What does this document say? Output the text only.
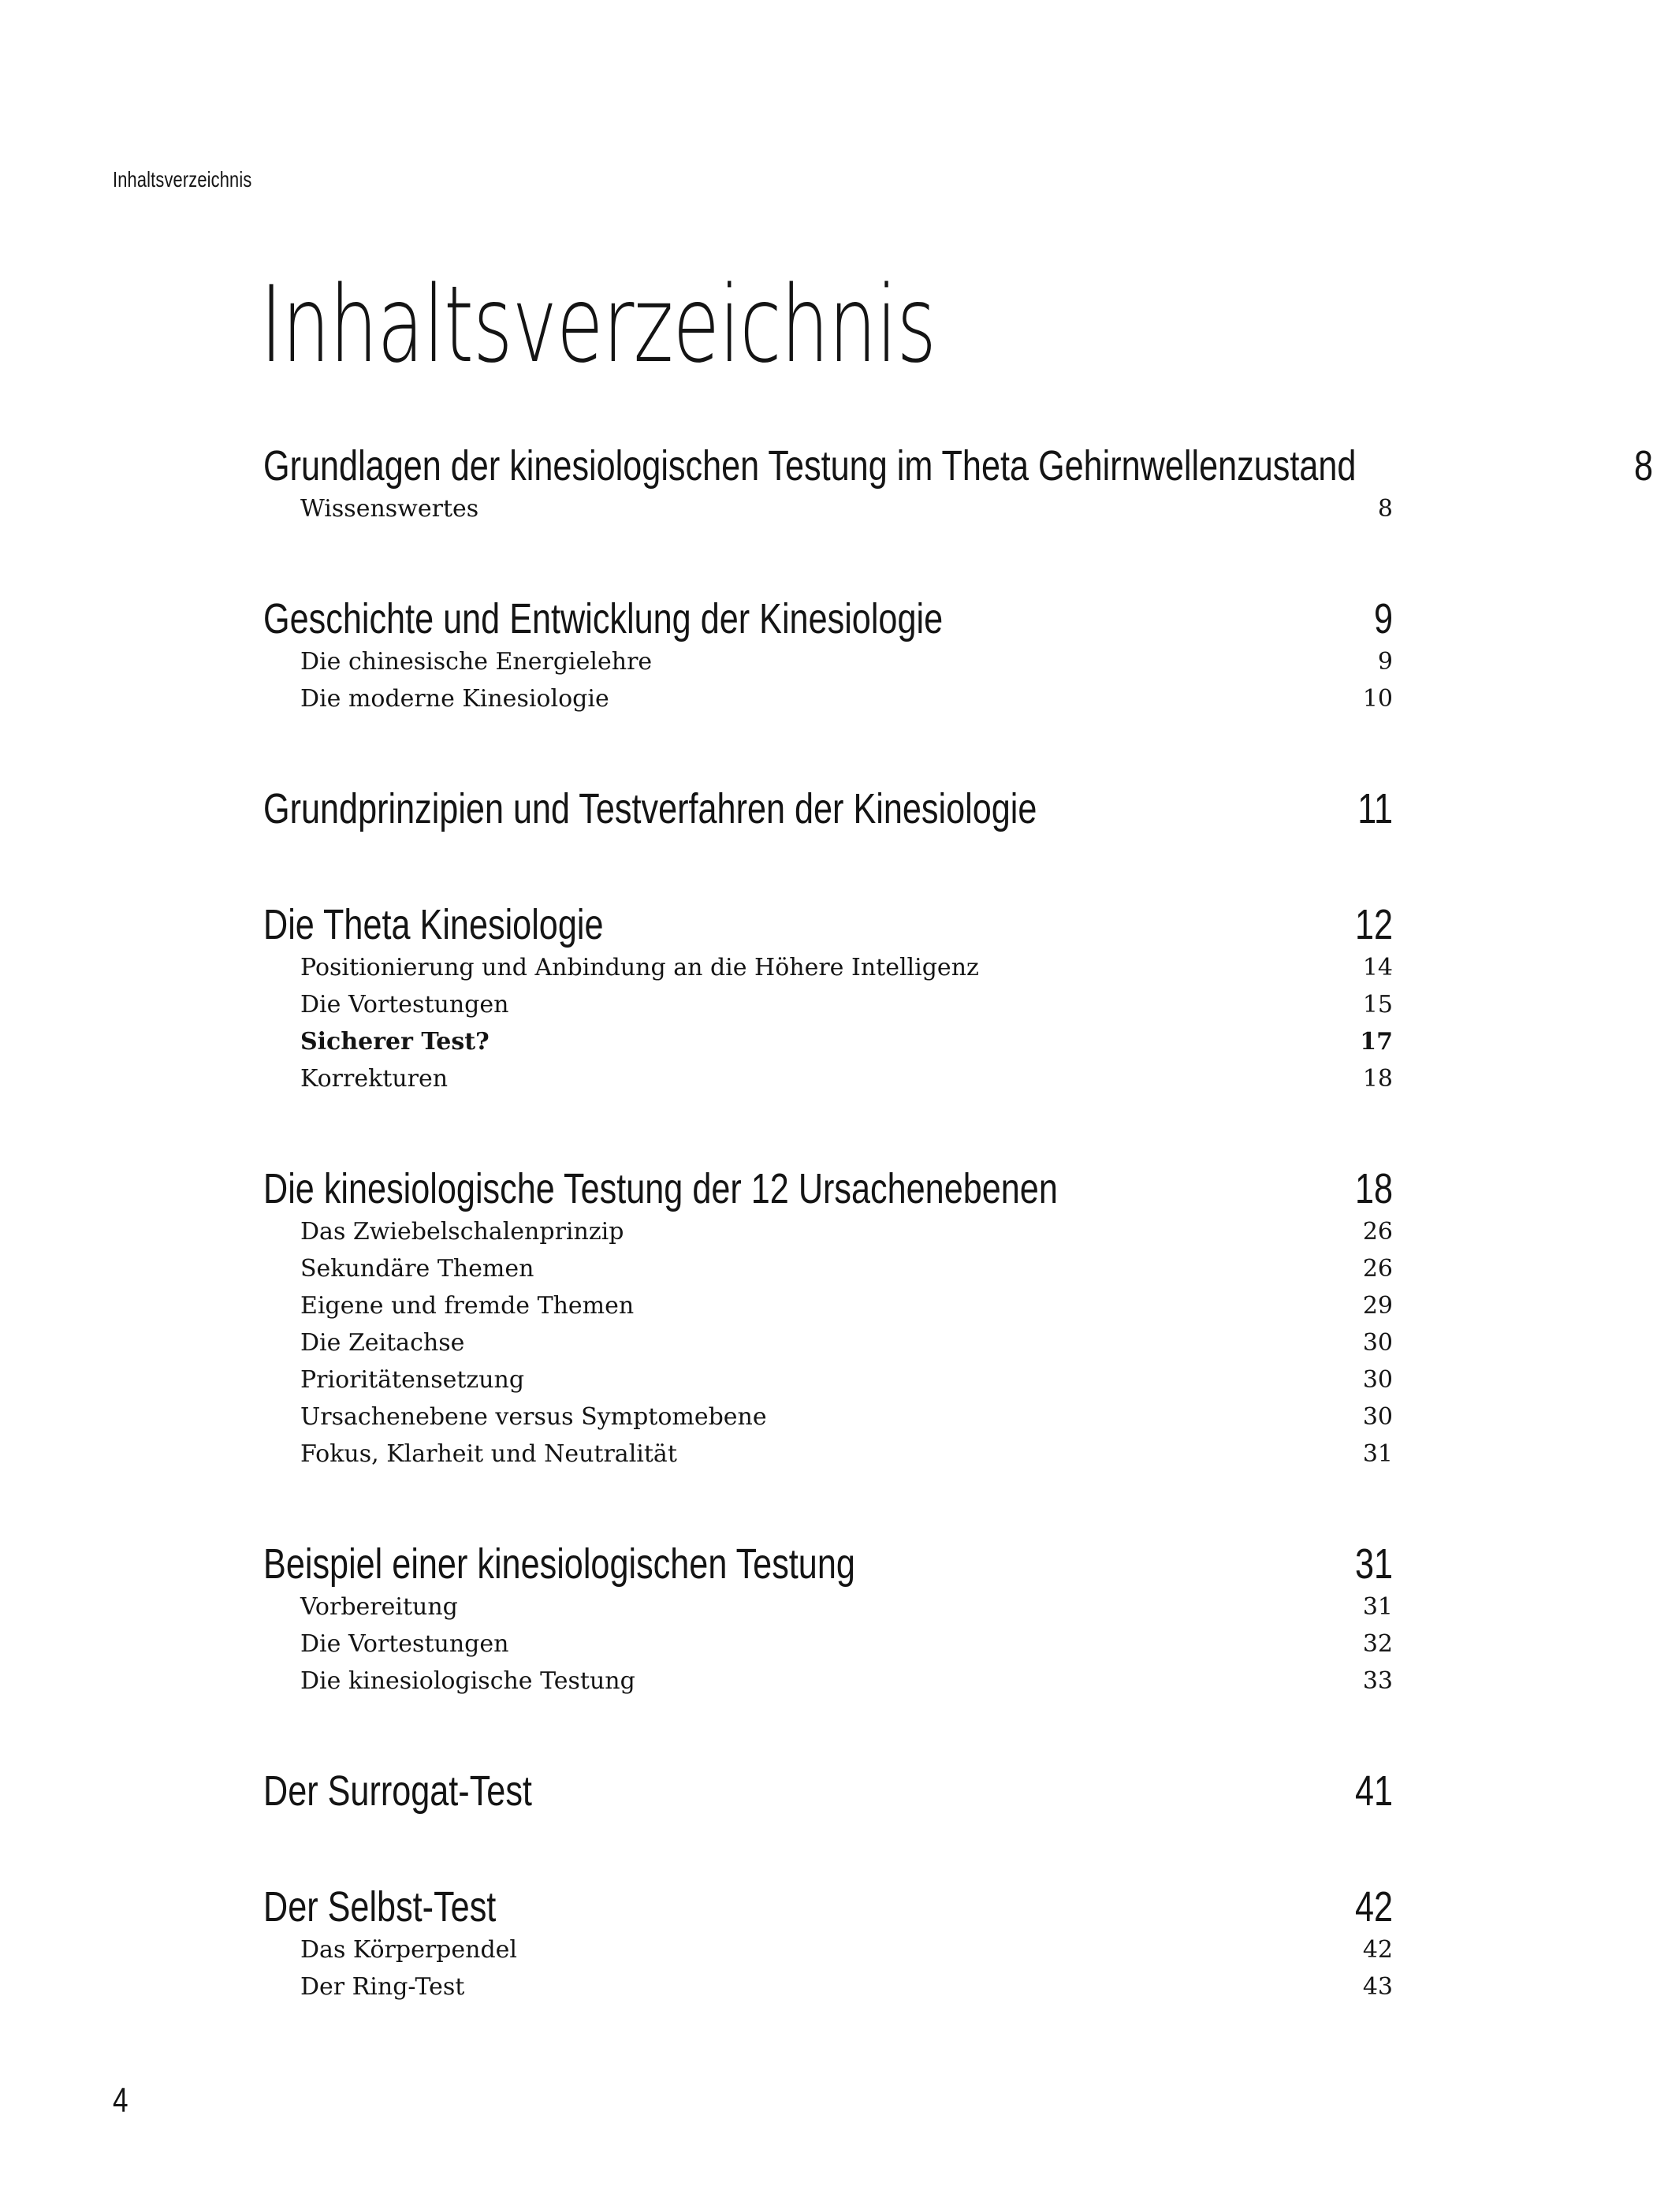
Inhaltsverzeichnis
Inhaltsverzeichnis
Grundlagen der kinesiologischen Testung im Theta Gehirnwellenzustand	8
Wissenswertes	8
Geschichte und Entwicklung der Kinesiologie	9
Die chinesische Energielehre	9
Die moderne Kinesiologie	10
Grundprinzipien und Testverfahren der Kinesiologie	11
Die Theta Kinesiologie	12
Positionierung und Anbindung an die Höhere Intelligenz	14
Die Vortestungen	15
Sicherer Test?	17
Korrekturen	18
Die kinesiologische Testung der 12 Ursachenebenen	18
Das Zwiebelschalenprinzip	26
Sekundäre Themen	26
Eigene und fremde Themen	29
Die Zeitachse	30
Prioritätensetzung	30
Ursachenebene versus Symptomebene	30
Fokus, Klarheit und Neutralität	31
Beispiel einer kinesiologischen Testung	31
Vorbereitung	31
Die Vortestungen	32
Die kinesiologische Testung	33
Der Surrogat-Test	41
Der Selbst-Test	42
Das Körperpendel	42
Der Ring-Test	43
4
